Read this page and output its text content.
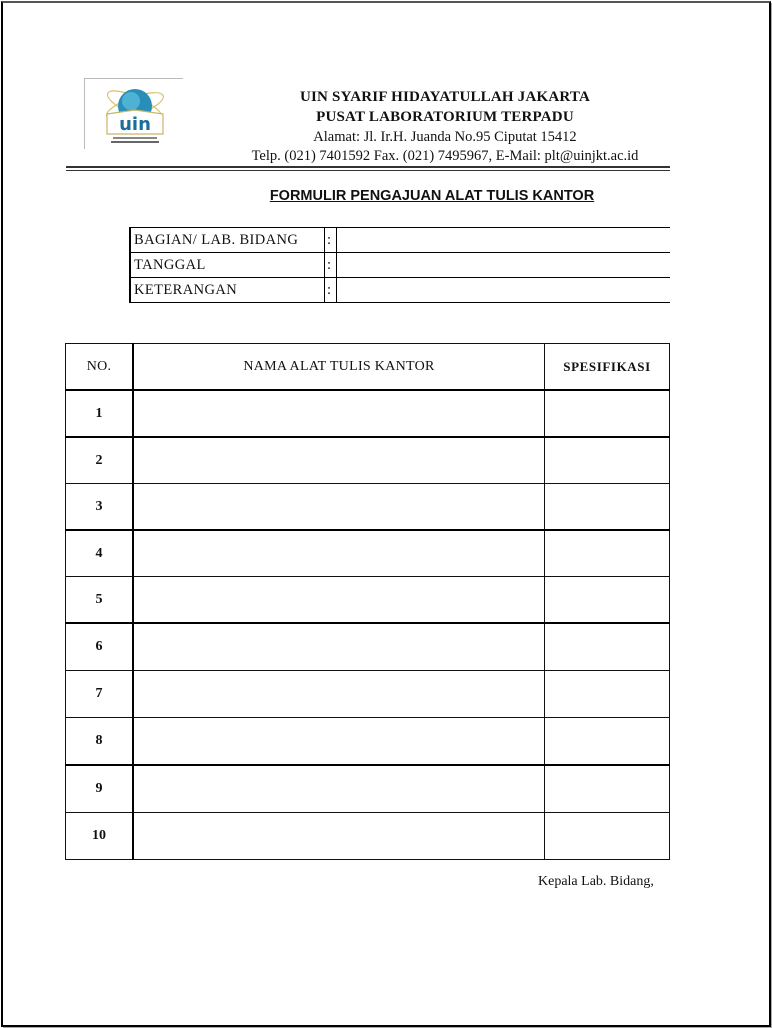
uin
UIN SYARIF HIDAYATULLAH JAKARTA
PUSAT LABORATORIUM TERPADU
Alamat: Jl. Ir.H. Juanda No.95 Ciputat 15412
Telp. (021) 7401592 Fax. (021) 7495967, E-Mail: plt@uinjkt.ac.id
FORMULIR PENGAJUAN ALAT TULIS KANTOR
BAGIAN/ LAB. BIDANG	:	
TANGGAL	:	
KETERANGAN	:	
NO.	NAMA ALAT TULIS KANTOR	SPESIFIKASI
1		
2		
3		
4		
5		
6		
7		
8		
9		
10		
Kepala Lab. Bidang,
